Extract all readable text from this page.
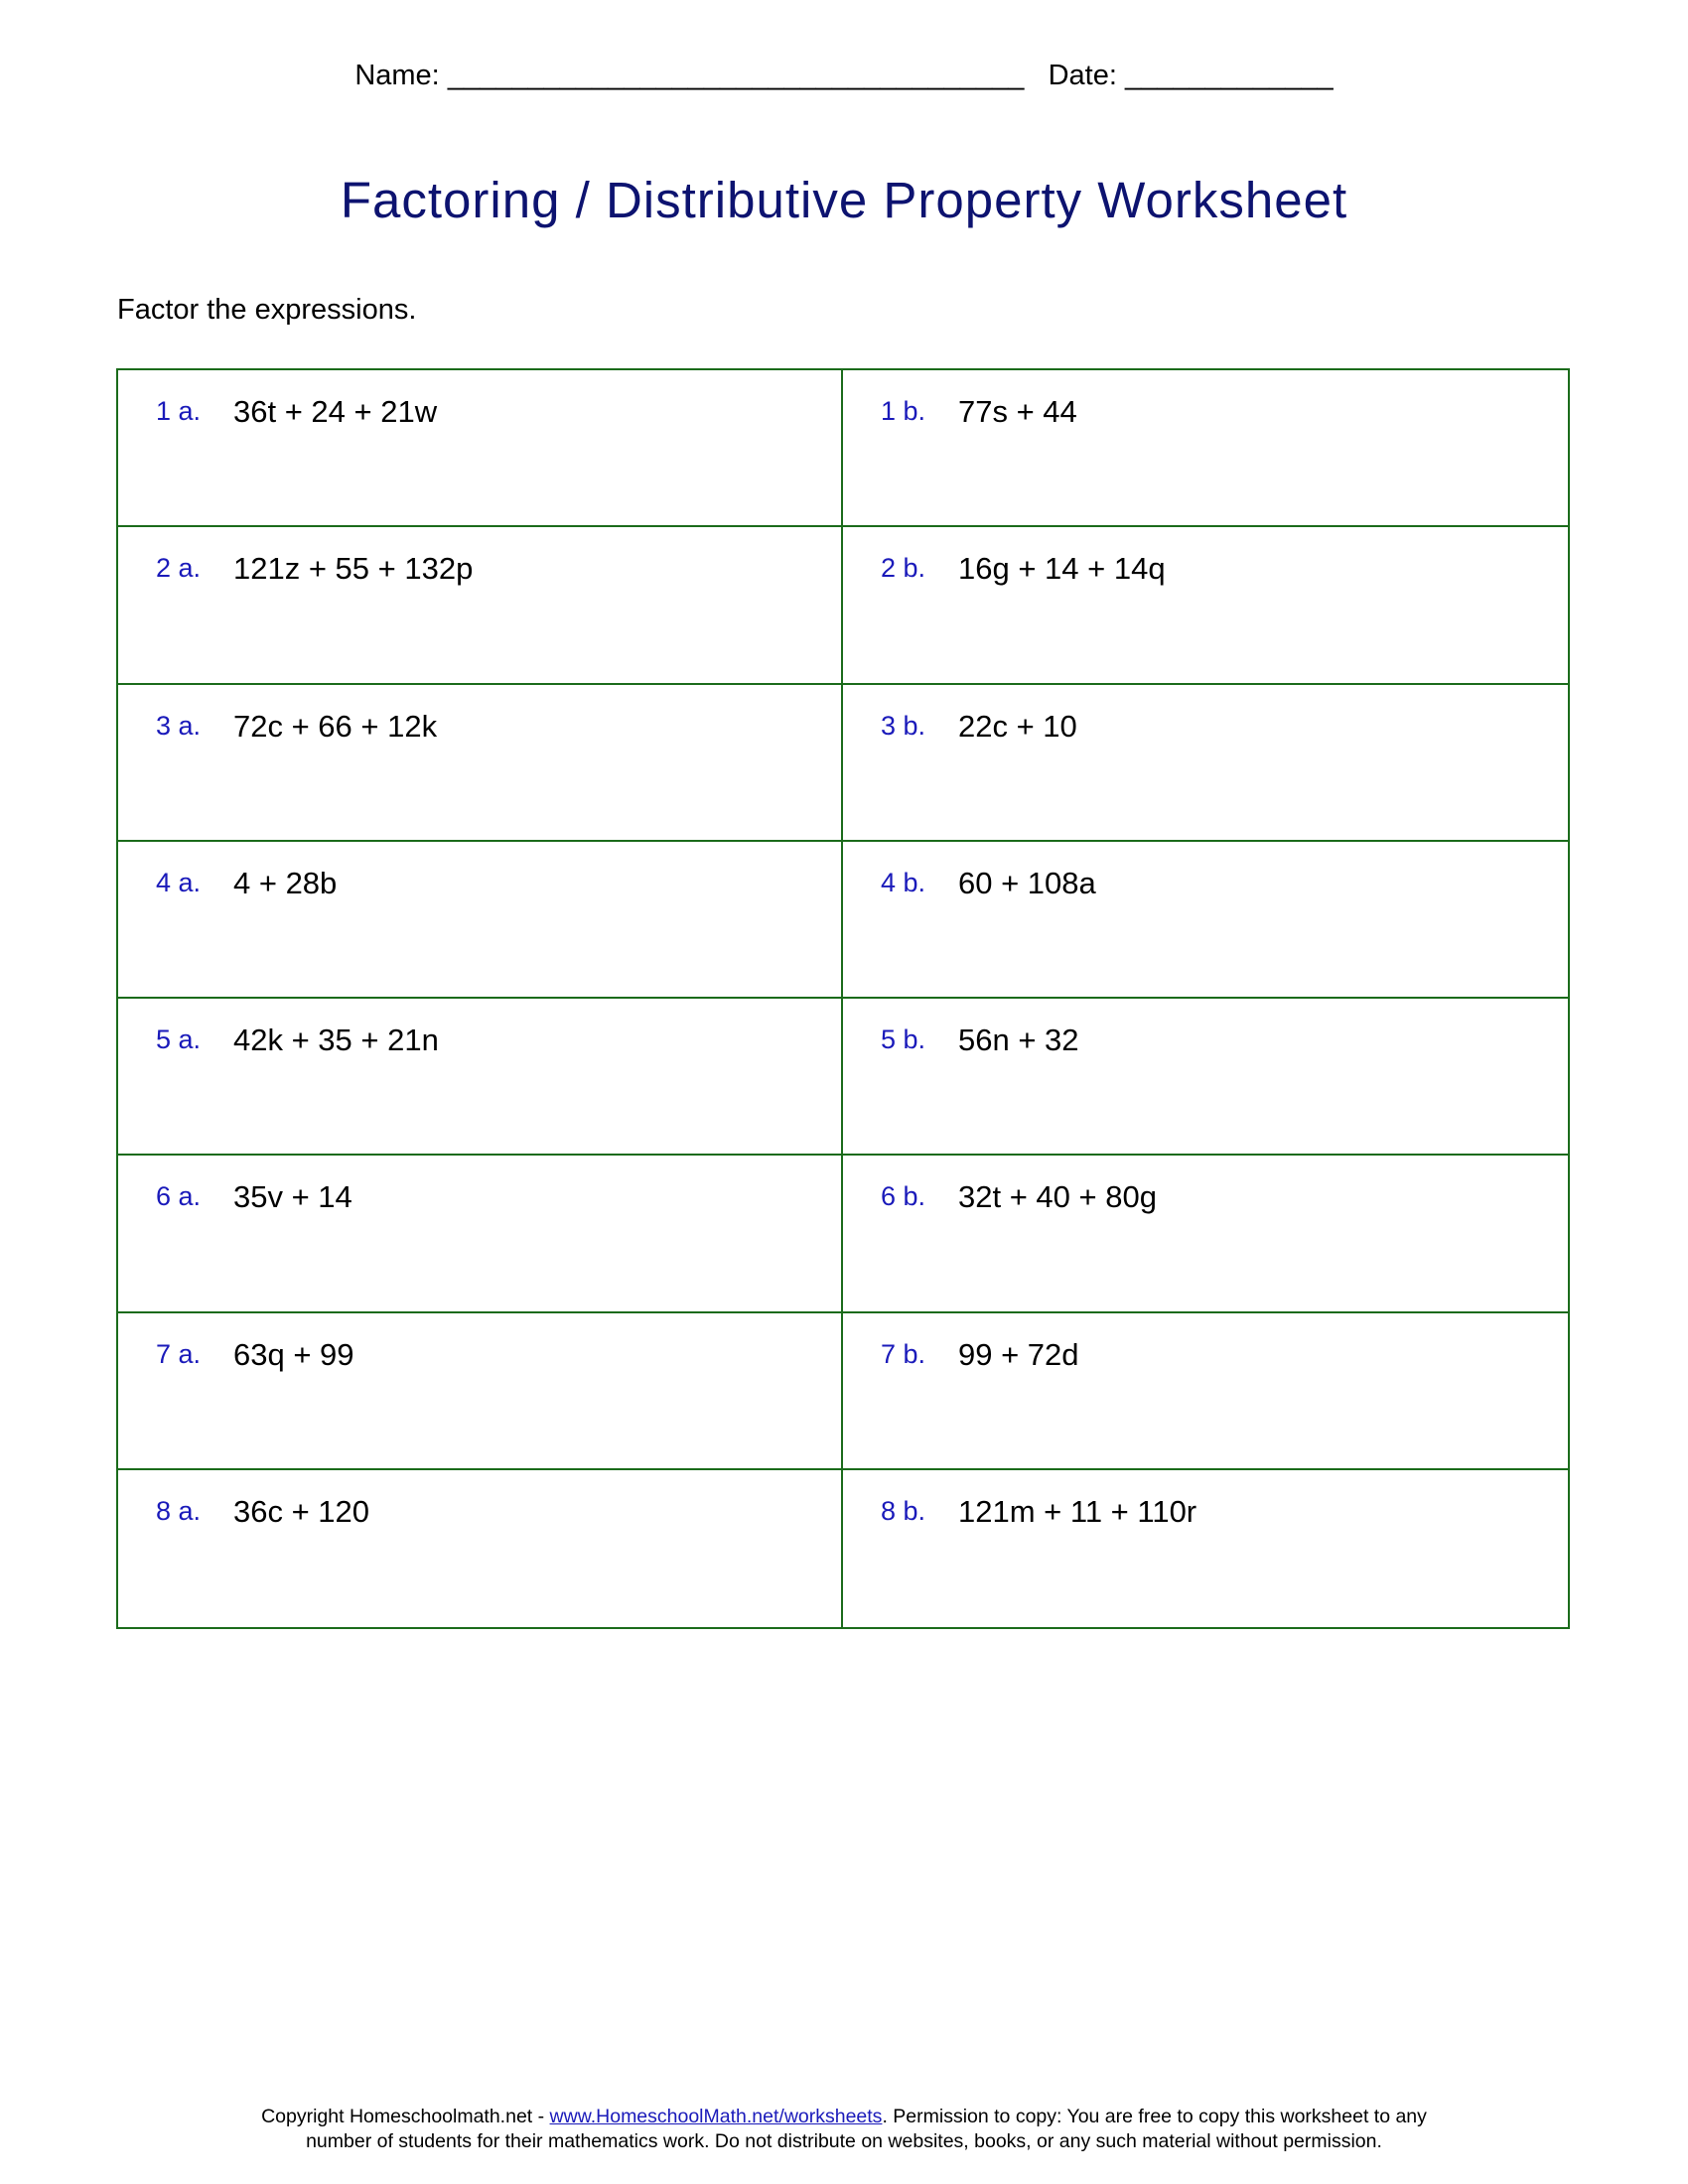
Name: ____________________________________ Date: _____________
Factoring / Distributive Property Worksheet
Factor the expressions.
1 a. 36t + 24 + 21w	1 b. 77s + 44
2 a. 121z + 55 + 132p	2 b. 16g + 14 + 14q
3 a. 72c + 66 + 12k	3 b. 22c + 10
4 a. 4 + 28b	4 b. 60 + 108a
5 a. 42k + 35 + 21n	5 b. 56n + 32
6 a. 35v + 14	6 b. 32t + 40 + 80g
7 a. 63q + 99	7 b. 99 + 72d
8 a. 36c + 120	8 b. 121m + 11 + 110r
Copyright Homeschoolmath.net - www.HomeschoolMath.net/worksheets. Permission to copy: You are free to copy this worksheet to any
number of students for their mathematics work. Do not distribute on websites, books, or any such material without permission.
